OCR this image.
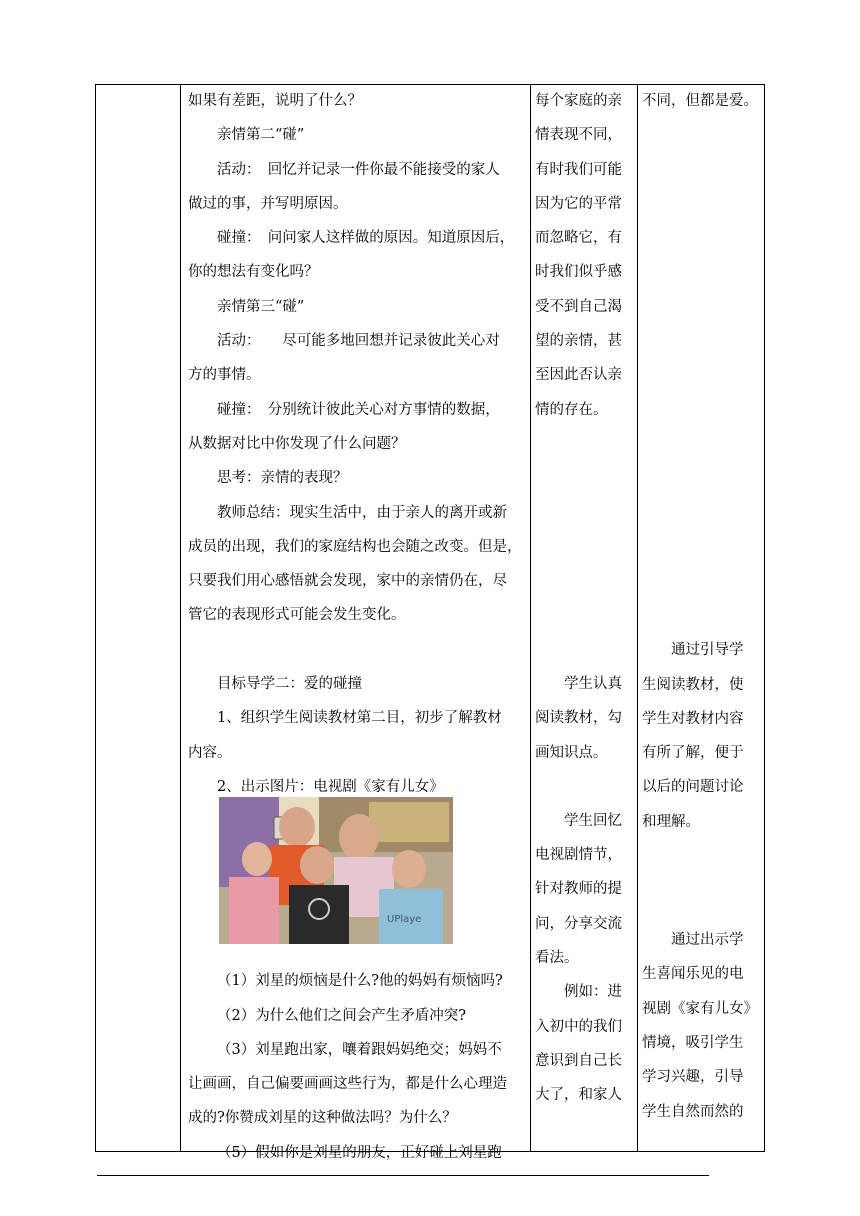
如果有差距，说明了什么？

亲情第二“碰”

活动：　回忆并记录一件你最不能接受的家人

做过的事，并写明原因。

碰撞：　问问家人这样做的原因。知道原因后，

你的想法有变化吗？

亲情第三“碰”

活动：　　尽可能多地回想并记录彼此关心对

方的事情。

碰撞：　分别统计彼此关心对方事情的数据，

从数据对比中你发现了什么问题？

思考：亲情的表现？

教师总结：现实生活中，由于亲人的离开或新

成员的出现，我们的家庭结构也会随之改变。但是，

只要我们用心感悟就会发现，家中的亲情仍在，尽

管它的表现形式可能会发生变化。

目标导学二：爱的碰撞

1、组织学生阅读教材第二目，初步了解教材

内容。

2、出示图片：电视剧《家有儿女》

（1）刘星的烦恼是什么?他的妈妈有烦恼吗?

（2）为什么他们之间会产生矛盾冲突?

（3）刘星跑出家，嚷着跟妈妈绝交；妈妈不

让画画，自己偏要画画这些行为，都是什么心理造

成的?你赞成刘星的这种做法吗？为什么？

（5）假如你是刘星的朋友，正好碰上刘星跑

UPlaye

每个家庭的亲

情表现不同，

有时我们可能

因为它的平常

而忽略它，有

时我们似乎感

受不到自己渴

望的亲情，甚

至因此否认亲

情的存在。

学生认真

阅读教材，勾

画知识点。

学生回忆

电视剧情节，

针对教师的提

问，分享交流

看法。

例如：进

入初中的我们

意识到自己长

大了，和家人

不同，但都是爱。

通过引导学

生阅读教材，使

学生对教材内容

有所了解，便于

以后的问题讨论

和理解。

通过出示学

生喜闻乐见的电

视剧《家有儿女》

情境，吸引学生

学习兴趣，引导

学生自然而然的
